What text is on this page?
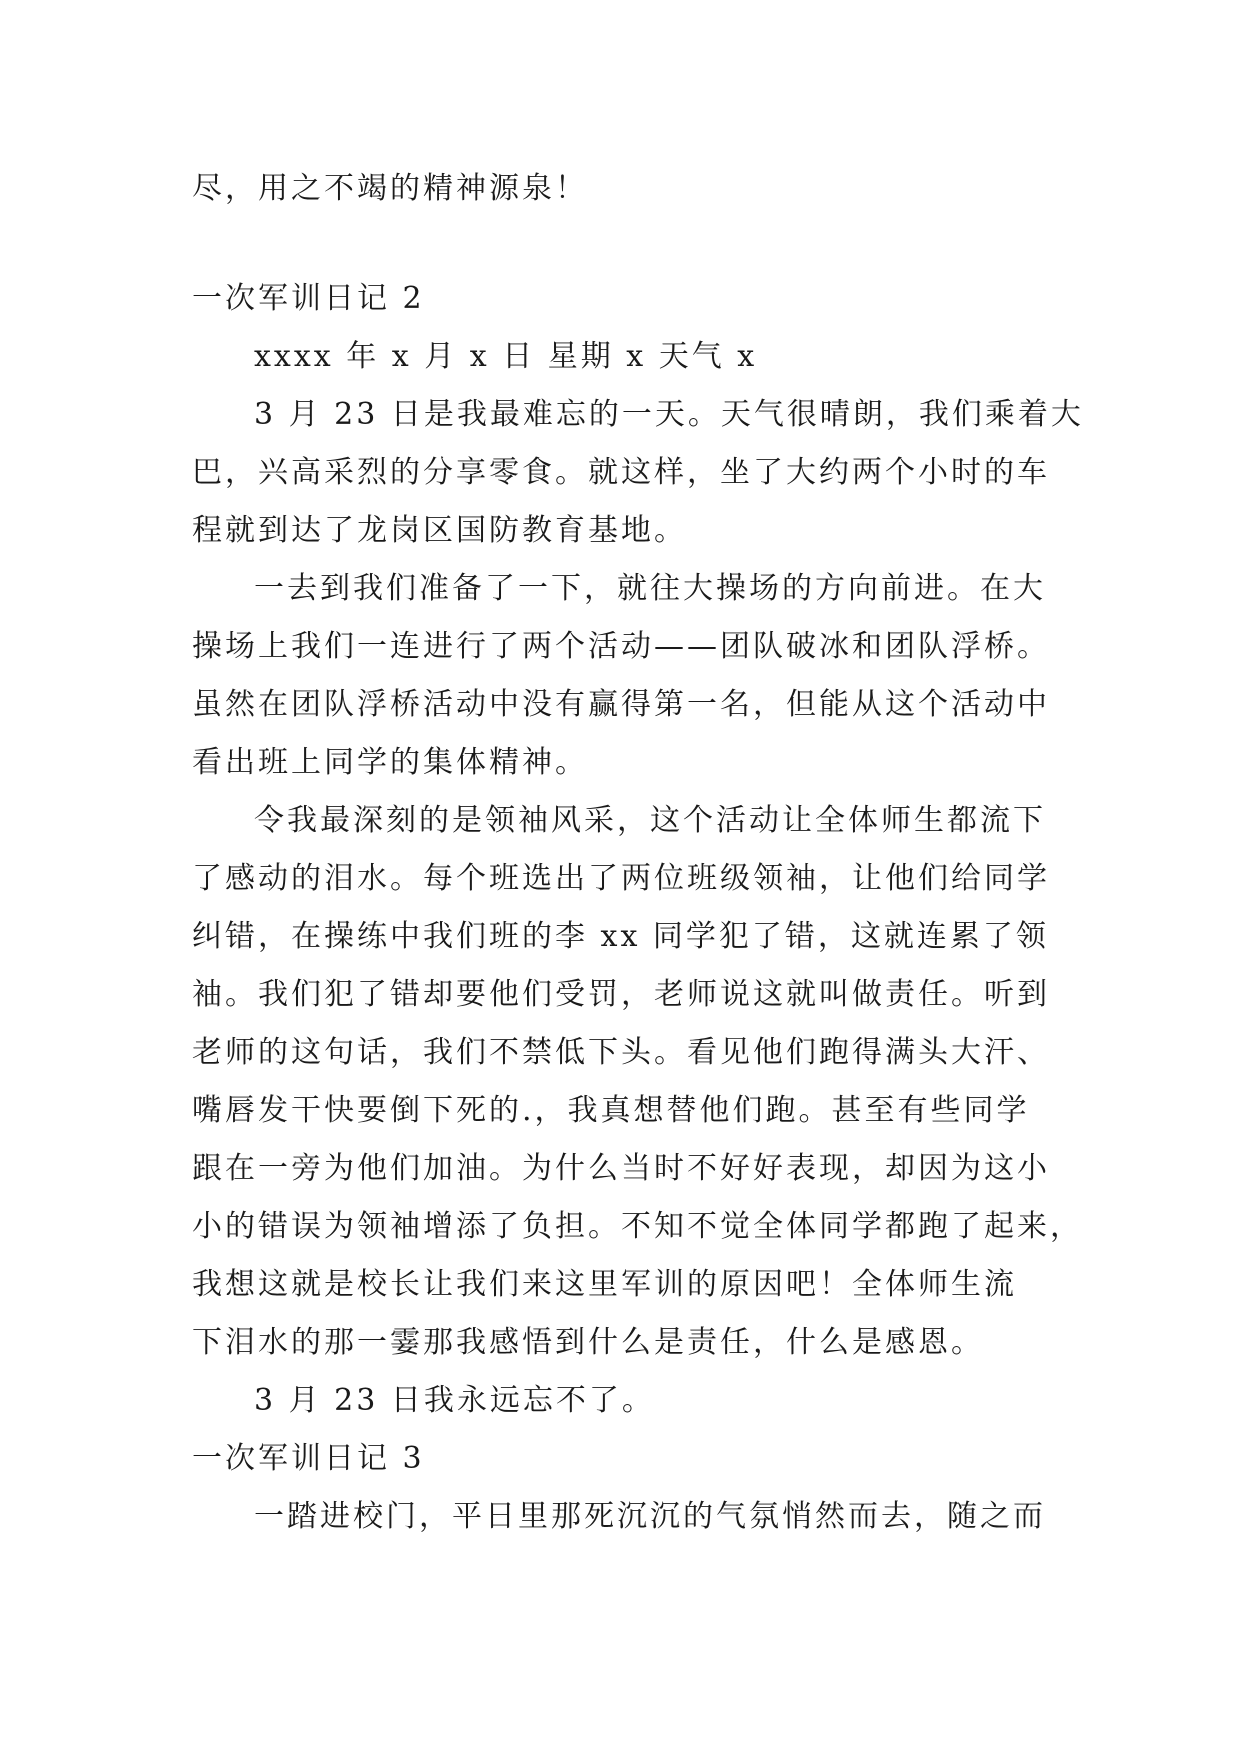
尽，用之不竭的精神源泉！
一次军训日记 2
xxxx 年 x 月 x 日 星期 x 天气 x
3 月 23 日是我最难忘的一天。天气很晴朗，我们乘着大
巴，兴高采烈的分享零食。就这样，坐了大约两个小时的车
程就到达了龙岗区国防教育基地。
一去到我们准备了一下，就往大操场的方向前进。在大
操场上我们一连进行了两个活动——团队破冰和团队浮桥。
虽然在团队浮桥活动中没有赢得第一名，但能从这个活动中
看出班上同学的集体精神。
令我最深刻的是领袖风采，这个活动让全体师生都流下
了感动的泪水。每个班选出了两位班级领袖，让他们给同学
纠错，在操练中我们班的李 xx 同学犯了错，这就连累了领
袖。我们犯了错却要他们受罚，老师说这就叫做责任。听到
老师的这句话，我们不禁低下头。看见他们跑得满头大汗、
嘴唇发干快要倒下死的.，我真想替他们跑。甚至有些同学
跟在一旁为他们加油。为什么当时不好好表现，却因为这小
小的错误为领袖增添了负担。不知不觉全体同学都跑了起来，
我想这就是校长让我们来这里军训的原因吧！全体师生流
下泪水的那一霎那我感悟到什么是责任，什么是感恩。
3 月 23 日我永远忘不了。
一次军训日记 3
一踏进校门，平日里那死沉沉的气氛悄然而去，随之而
